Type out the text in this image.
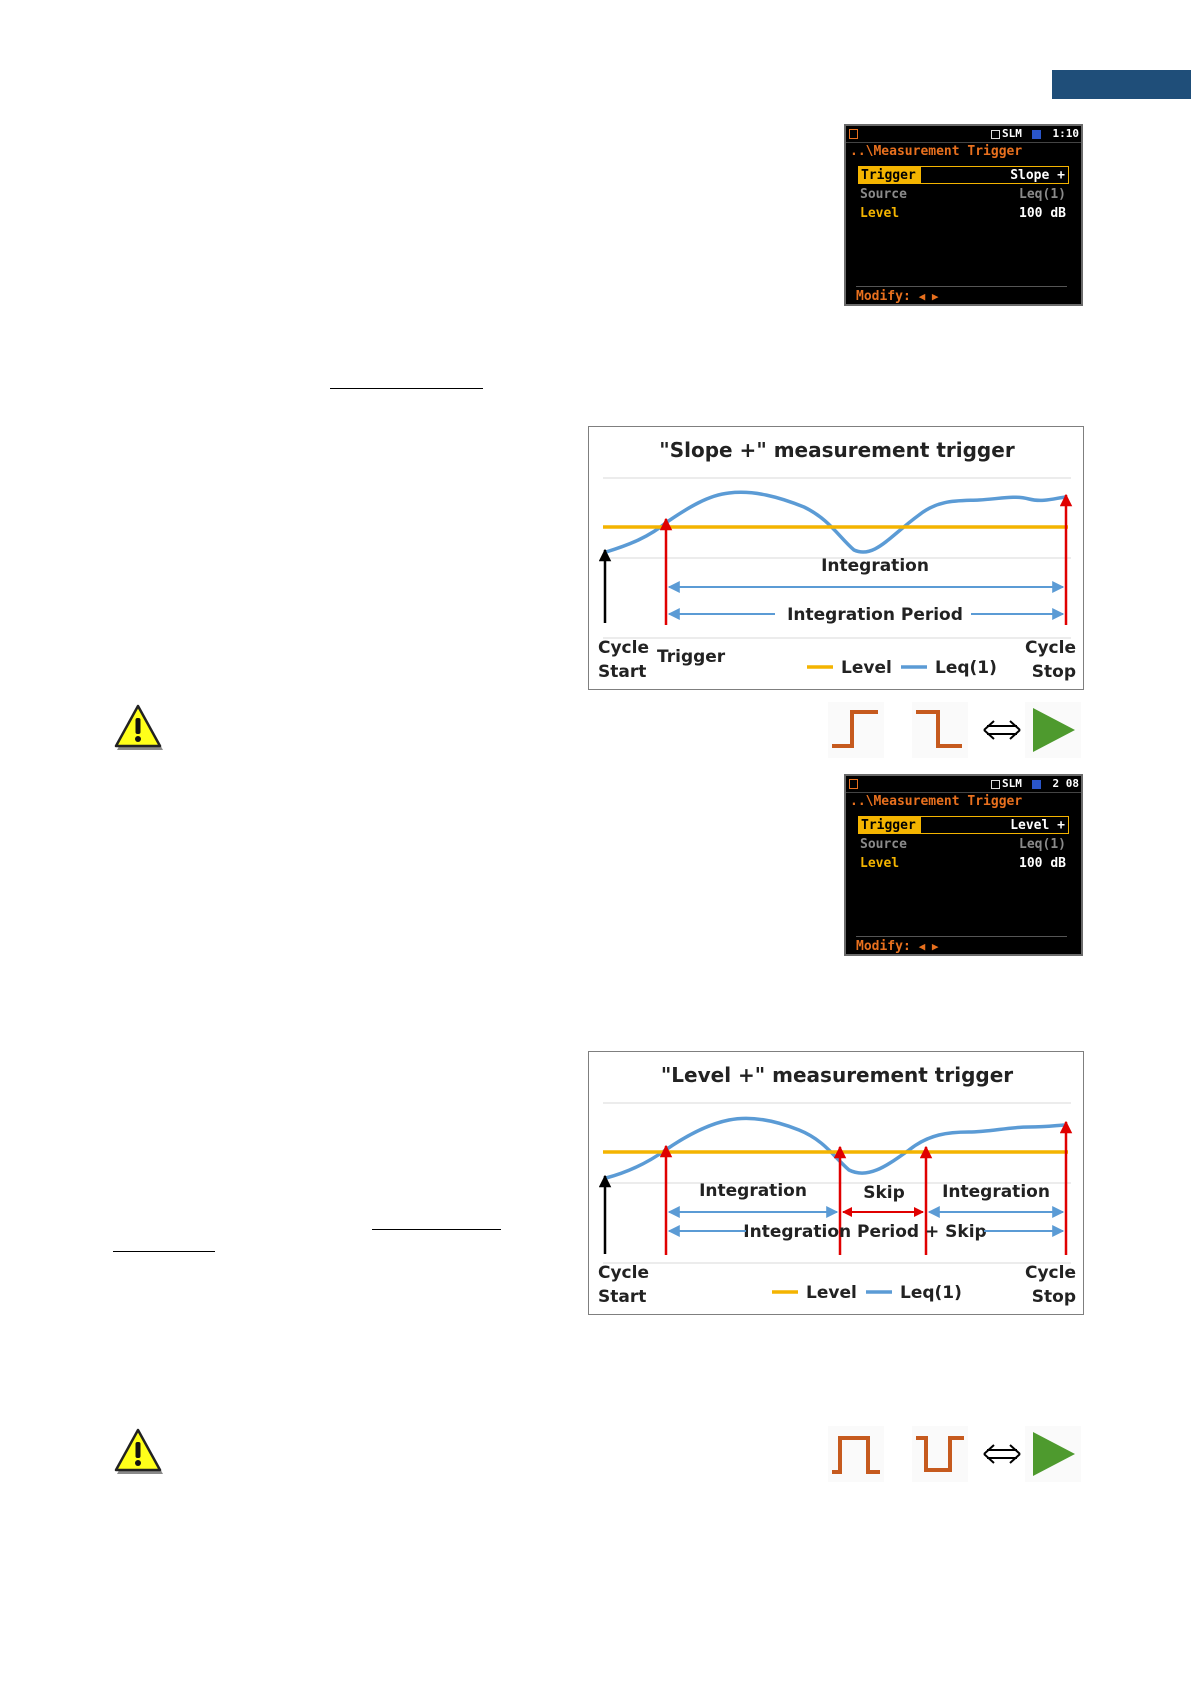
SLM	1:10
..\Measurement Trigger
Trigger	Slope +
Source	Leq(1)
Level	100 dB
Modify: ◀ ▶
"Slope +" measurement trigger
Integration
Integration Period
Cycle
Start
Trigger	Cycle
Stop
Level	Leq(1)
SLM	2 08
..\Measurement Trigger
Trigger	Level +
Source	Leq(1)
Level	100 dB
Modify: ◀ ▶
"Level +" measurement trigger
Integration	Skip Integration
Integration Period + Skip
Cycle
Start
Cycle
Stop
Level	Leq(1)
